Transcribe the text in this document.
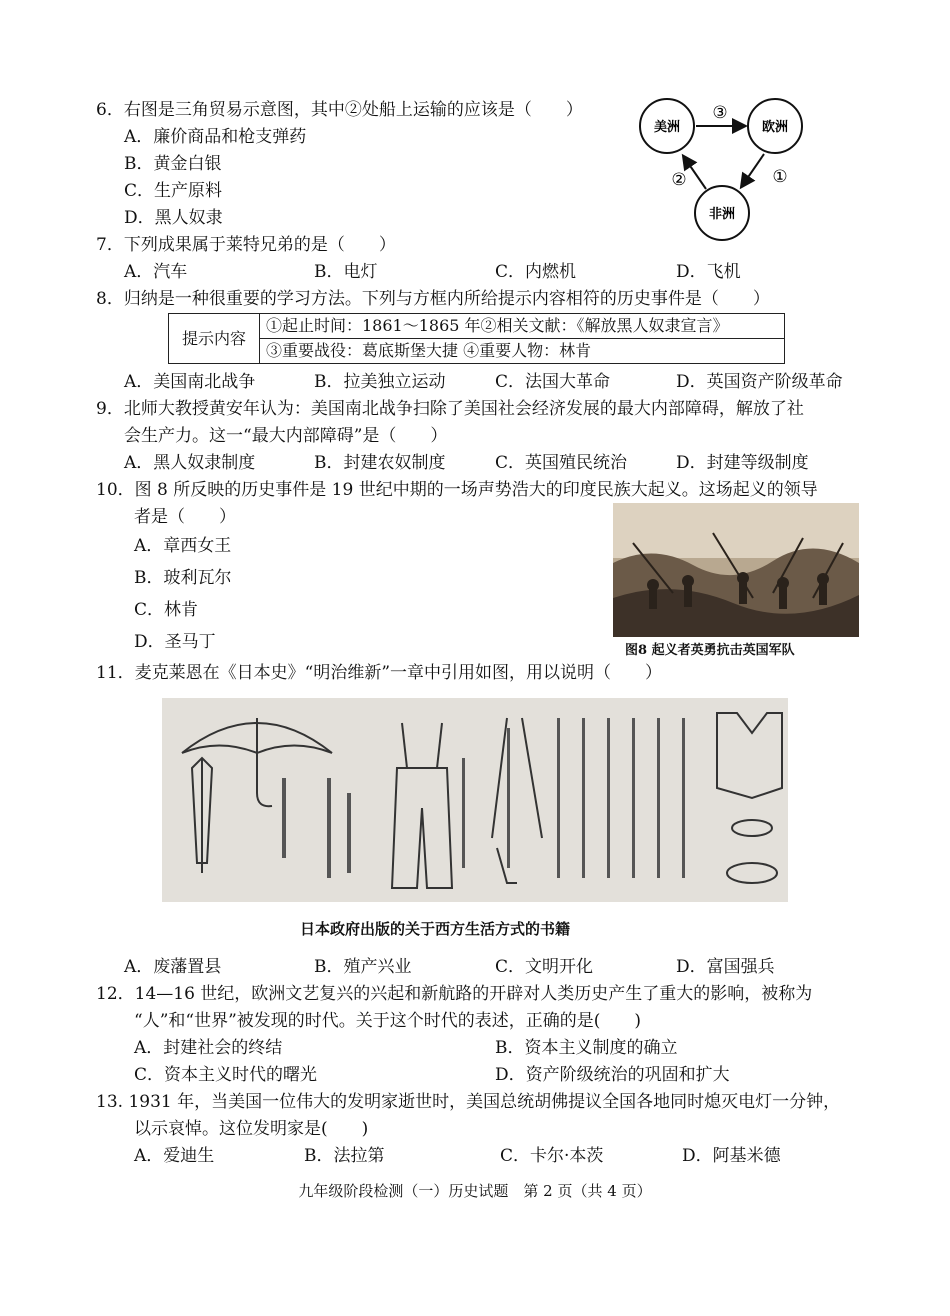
6．右图是三角贸易示意图，其中②处船上运输的应该是（　　）
A．廉价商品和枪支弹药
B．黄金白银
C．生产原料
D．黑人奴隶
美洲	欧洲
非洲
③
①
②
7．下列成果属于莱特兄弟的是（　　）
A．汽车	B．电灯	C．内燃机	D．飞机
8．归纳是一种很重要的学习方法。下列与方框内所给提示内容相符的历史事件是（　　）
提示内容	①起止时间：1861～1865 年②相关文献：《解放黑人奴隶宣言》
③重要战役：葛底斯堡大捷 ④重要人物：林肯
A．美国南北战争	B．拉美独立运动	C．法国大革命	D．英国资产阶级革命
9．北师大教授黄安年认为：美国南北战争扫除了美国社会经济发展的最大内部障碍，解放了社
会生产力。这一“最大内部障碍”是（　　）
A．黑人奴隶制度	B．封建农奴制度	C．英国殖民统治	D．封建等级制度
10．图 8 所反映的历史事件是 19 世纪中期的一场声势浩大的印度民族大起义。这场起义的领导
者是（　　）
A．章西女王
B．玻利瓦尔
C．林肯
D．圣马丁	图8 起义者英勇抗击英国军队
11．麦克莱恩在《日本史》“明治维新”一章中引用如图，用以说明（　　）
日本政府出版的关于西方生活方式的书籍
A．废藩置县	B．殖产兴业	C．文明开化	D．富国强兵
12．14—16 世纪，欧洲文艺复兴的兴起和新航路的开辟对人类历史产生了重大的影响，被称为
“人”和“世界”被发现的时代。关于这个时代的表述，正确的是(　　)
A．封建社会的终结	B．资本主义制度的确立
C．资本主义时代的曙光	D．资产阶级统治的巩固和扩大
13. 1931 年，当美国一位伟大的发明家逝世时，美国总统胡佛提议全国各地同时熄灭电灯一分钟，
以示哀悼。这位发明家是(　　)
A．爱迪生	B．法拉第	C．卡尔·本茨	D．阿基米德
九年级阶段检测（一）历史试题　第 2 页（共 4 页）
